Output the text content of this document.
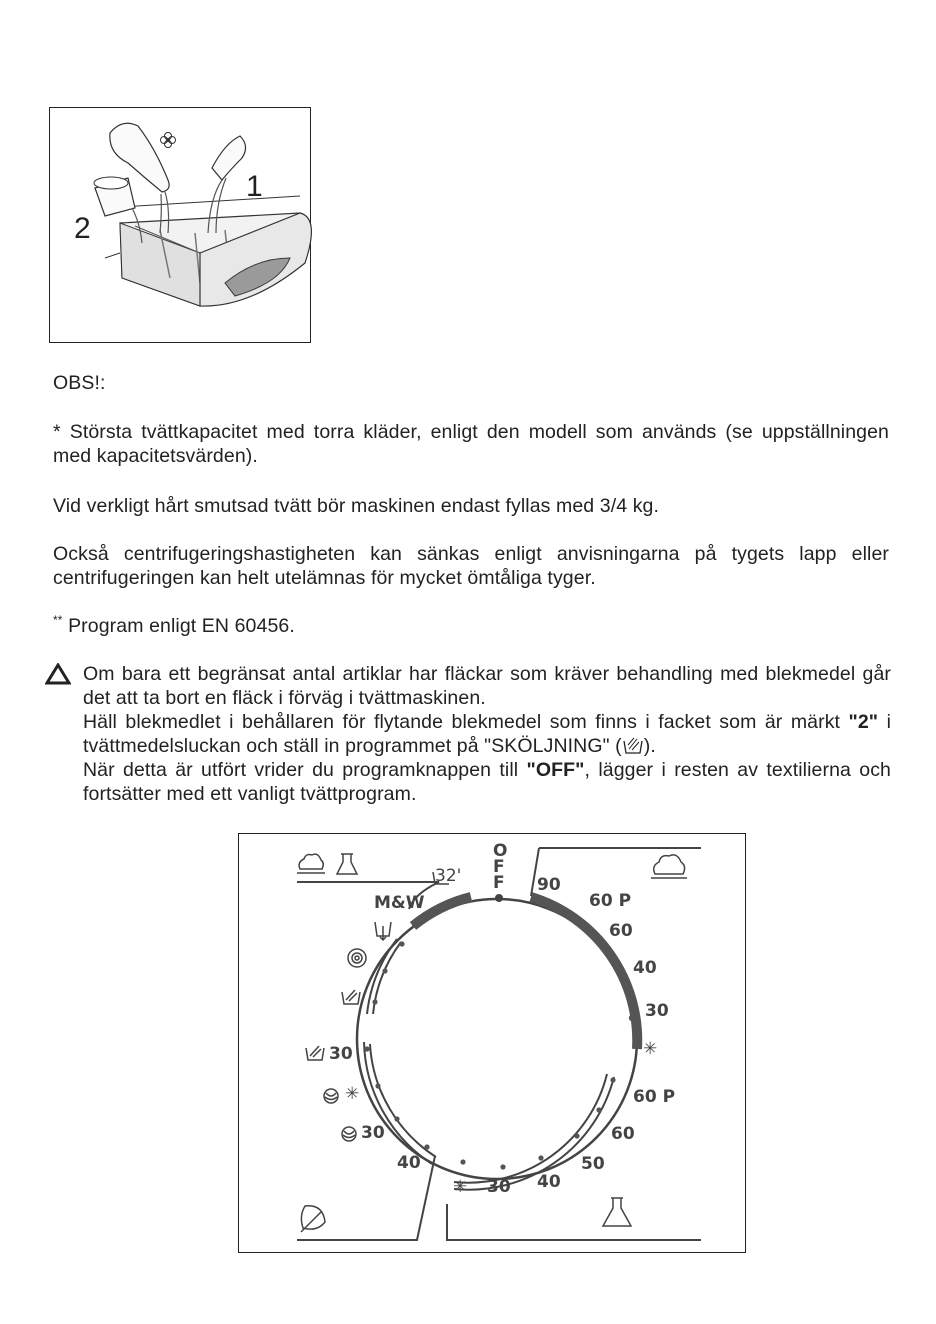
1
2
OBS!:
* Största tvättkapacitet med torra kläder, enligt den modell som används (se uppställningen med kapacitetsvärden).
Vid verkligt hårt smutsad tvätt bör maskinen endast fyllas med 3/4 kg.
Också centrifugeringshastigheten kan sänkas enligt anvisningarna på tygets lapp eller centrifugeringen kan helt utelämnas för mycket ömtåliga tyger.
** Program enligt EN 60456.
Om bara ett begränsat antal artiklar har fläckar som kräver behandling med blekmedel går det att ta bort en fläck i förväg i tvättmaskinen.
Häll blekmedlet i behållaren för flytande blekmedel som finns i facket som är märkt "2" i tvättmedelsluckan och ställ in programmet på "SKÖLJNING" ( ).
När detta är utfört vrider du programknappen till "OFF", lägger i resten av textilierna och fortsätter med ett vanligt tvättprogram.
O
F
F
M&W
32'	90
60 P
60
40
30
✳
60 P
60
50
40
✳ 30
30
30
40
✳
